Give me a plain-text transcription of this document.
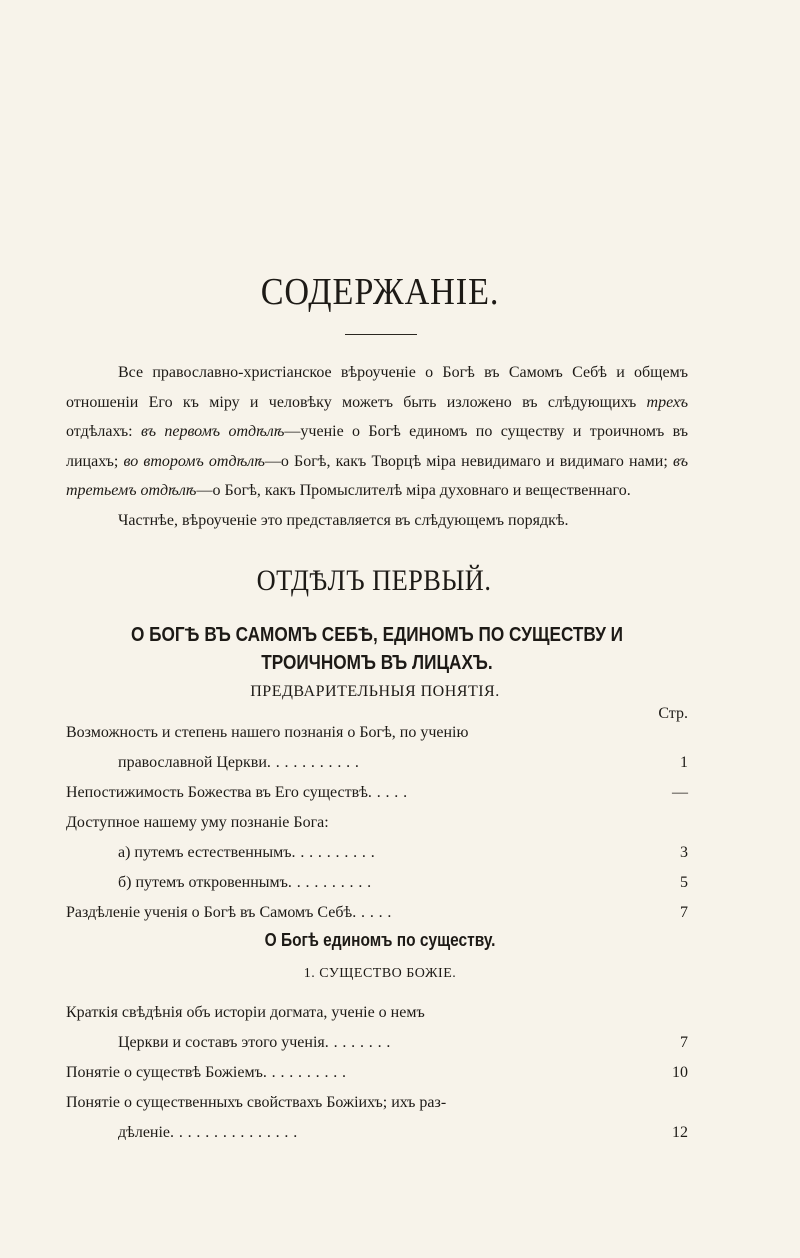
СОДЕРЖАНІЕ.

Все православно-христіанское вѣроученіе о Богѣ въ Самомъ Себѣ и общемъ отношеніи Его къ міру и человѣку можетъ быть изложено въ слѣдующихъ трехъ отдѣлахъ: въ первомъ отдѣлѣ—ученіе о Богѣ единомъ по существу и троичномъ въ лицахъ; во второмъ отдѣлѣ—о Богѣ, какъ Творцѣ міра невидимаго и видимаго нами; въ третьемъ отдѣлѣ—о Богѣ, какъ Промыслителѣ міра духовнаго и вещественнаго.

Частнѣе, вѣроученіе это представляется въ слѣдующемъ порядкѣ.

ОТДѢЛЪ ПЕРВЫЙ.
О БОГѢ ВЪ САМОМЪ СЕБѢ, ЕДИНОМЪ ПО СУЩЕСТВУ И ТРОИЧНОМЪ ВЪ ЛИЦАХЪ.
ПРЕДВАРИТЕЛЬНЫЯ ПОНЯТІЯ.
Стр.
Возможность и степень нашего познанія о Богѣ, по ученію
православной Церкви. . . . . . . . . . .	1
Непостижимость Божества въ Его существѣ. . . . .	—
Доступное нашему уму познаніе Бога:
а) путемъ естественнымъ. . . . . . . . . .	3
б) путемъ откровеннымъ. . . . . . . . . .	5
Раздѣленіе ученія о Богѣ въ Самомъ Себѣ. . . . .	7
О Богѣ единомъ по существу.
1. СУЩЕСТВО БОЖІЕ.
Краткія свѣдѣнія объ исторіи догмата, ученіе о немъ
Церкви и составъ этого ученія. . . . . . . .	7
Понятіе о существѣ Божіемъ. . . . . . . . . .	10
Понятіе о существенныхъ свойствахъ Божіихъ; ихъ раз-
дѣленіе. . . . . . . . . . . . . . .	12
